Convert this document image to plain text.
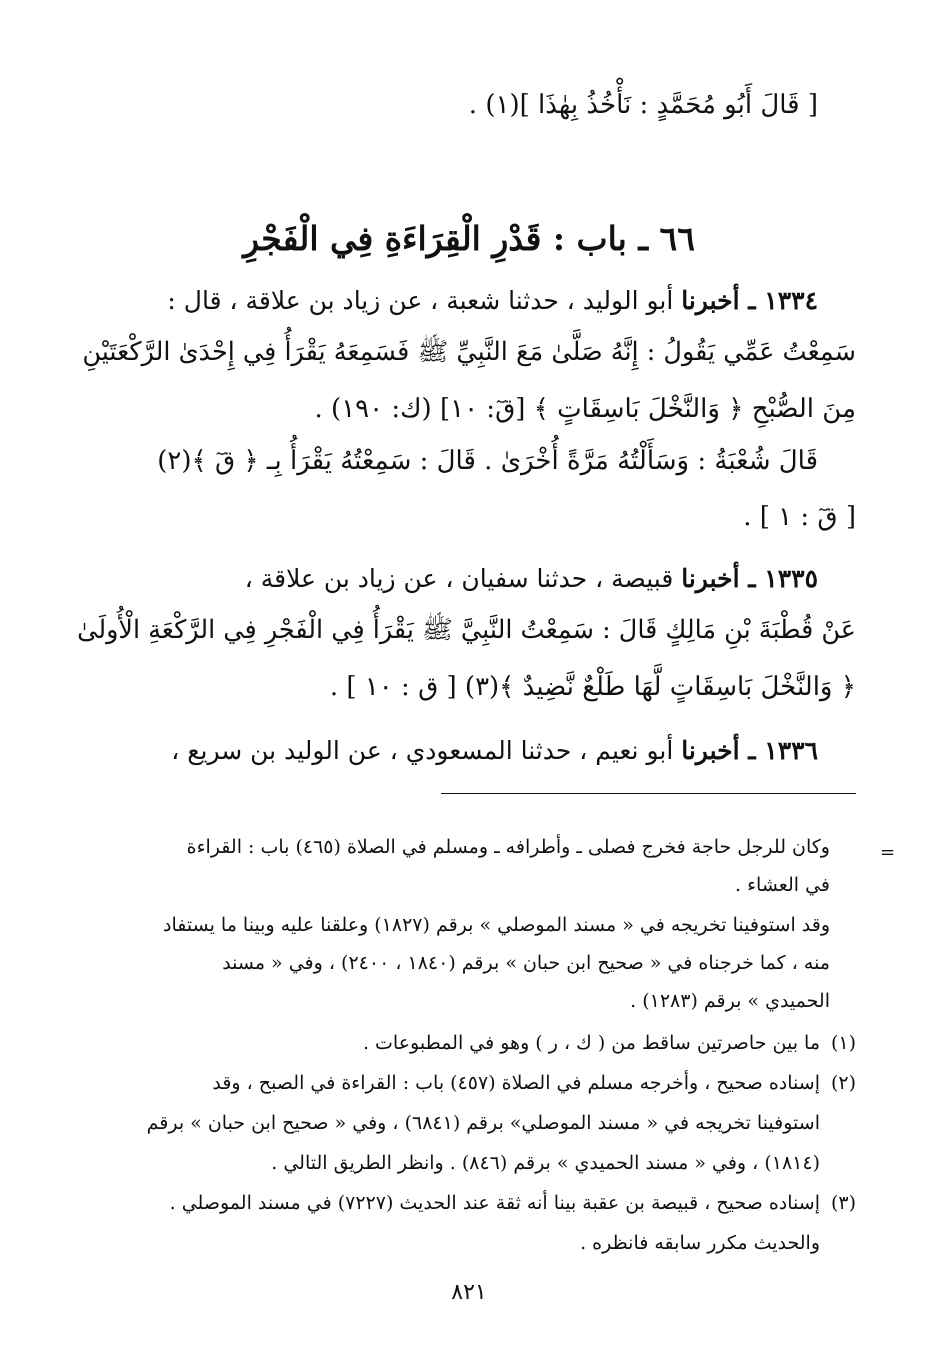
[ قَالَ أَبُو مُحَمَّدٍ : نَأْخُذُ بِهٰذَا ](١) .
٦٦ ـ باب : قَدْرِ الْقِرَاءَةِ فِي الْفَجْرِ
١٣٣٤ ـ أخبرنا أبو الوليد ، حدثنا شعبة ، عن زياد بن علاقة ، قال :
سَمِعْتُ عَمِّي يَقُولُ : إِنَّهُ صَلَّىٰ مَعَ النَّبِيِّ ﷺ فَسَمِعَهُ يَقْرَأُ فِي إِحْدَىٰ الرَّكْعَتَيْنِ
مِنَ الصُّبْحِ ﴿ وَالنَّخْلَ بَاسِقَاتٍ ﴾ [قٓ: ١٠] (ك: ١٩٠) .
قَالَ شُعْبَةُ : وَسَأَلْتُهُ مَرَّةً أُخْرَىٰ . قَالَ : سَمِعْتُهُ يَقْرَأُ بِـ ﴿ قٓ ﴾(٢)
[ قٓ : ١ ] .
١٣٣٥ ـ أخبرنا قبيصة ، حدثنا سفيان ، عن زياد بن علاقة ،
عَنْ قُطْبَةَ بْنِ مَالِكٍ قَالَ : سَمِعْتُ النَّبِيَّ ﷺ يَقْرَأُ فِي الْفَجْرِ فِي الرَّكْعَةِ الْأُولَىٰ
﴿ وَالنَّخْلَ بَاسِقَاتٍ لَّهَا طَلْعٌ نَّضِيدٌ ﴾(٣) [ ق : ١٠ ] .
١٣٣٦ ـ أخبرنا أبو نعيم ، حدثنا المسعودي ، عن الوليد بن سريع ،
=
وكان للرجل حاجة فخرج فصلى ـ وأطرافه ـ ومسلم في الصلاة (٤٦٥) باب : القراءة
في العشاء .
وقد استوفينا تخريجه في « مسند الموصلي » برقم (١٨٢٧) وعلقنا عليه وبينا ما يستفاد
منه ، كما خرجناه في « صحيح ابن حبان » برقم (١٨٤٠ ، ٢٤٠٠) ، وفي « مسند
الحميدي » برقم (١٢٨٣) .
(١)
ما بين حاصرتين ساقط من ( ك ، ر ) وهو في المطبوعات .
(٢)
إسناده صحيح ، وأخرجه مسلم في الصلاة (٤٥٧) باب : القراءة في الصبح ، وقد
استوفينا تخريجه في « مسند الموصلي» برقم (٦٨٤١) ، وفي « صحيح ابن حبان » برقم
(١٨١٤) ، وفي « مسند الحميدي » برقم (٨٤٦) . وانظر الطريق التالي .
(٣)
إسناده صحيح ، قبيصة بن عقبة بينا أنه ثقة عند الحديث (٧٢٢٧) في مسند الموصلي .
والحديث مكرر سابقه فانظره .
٨٢١
